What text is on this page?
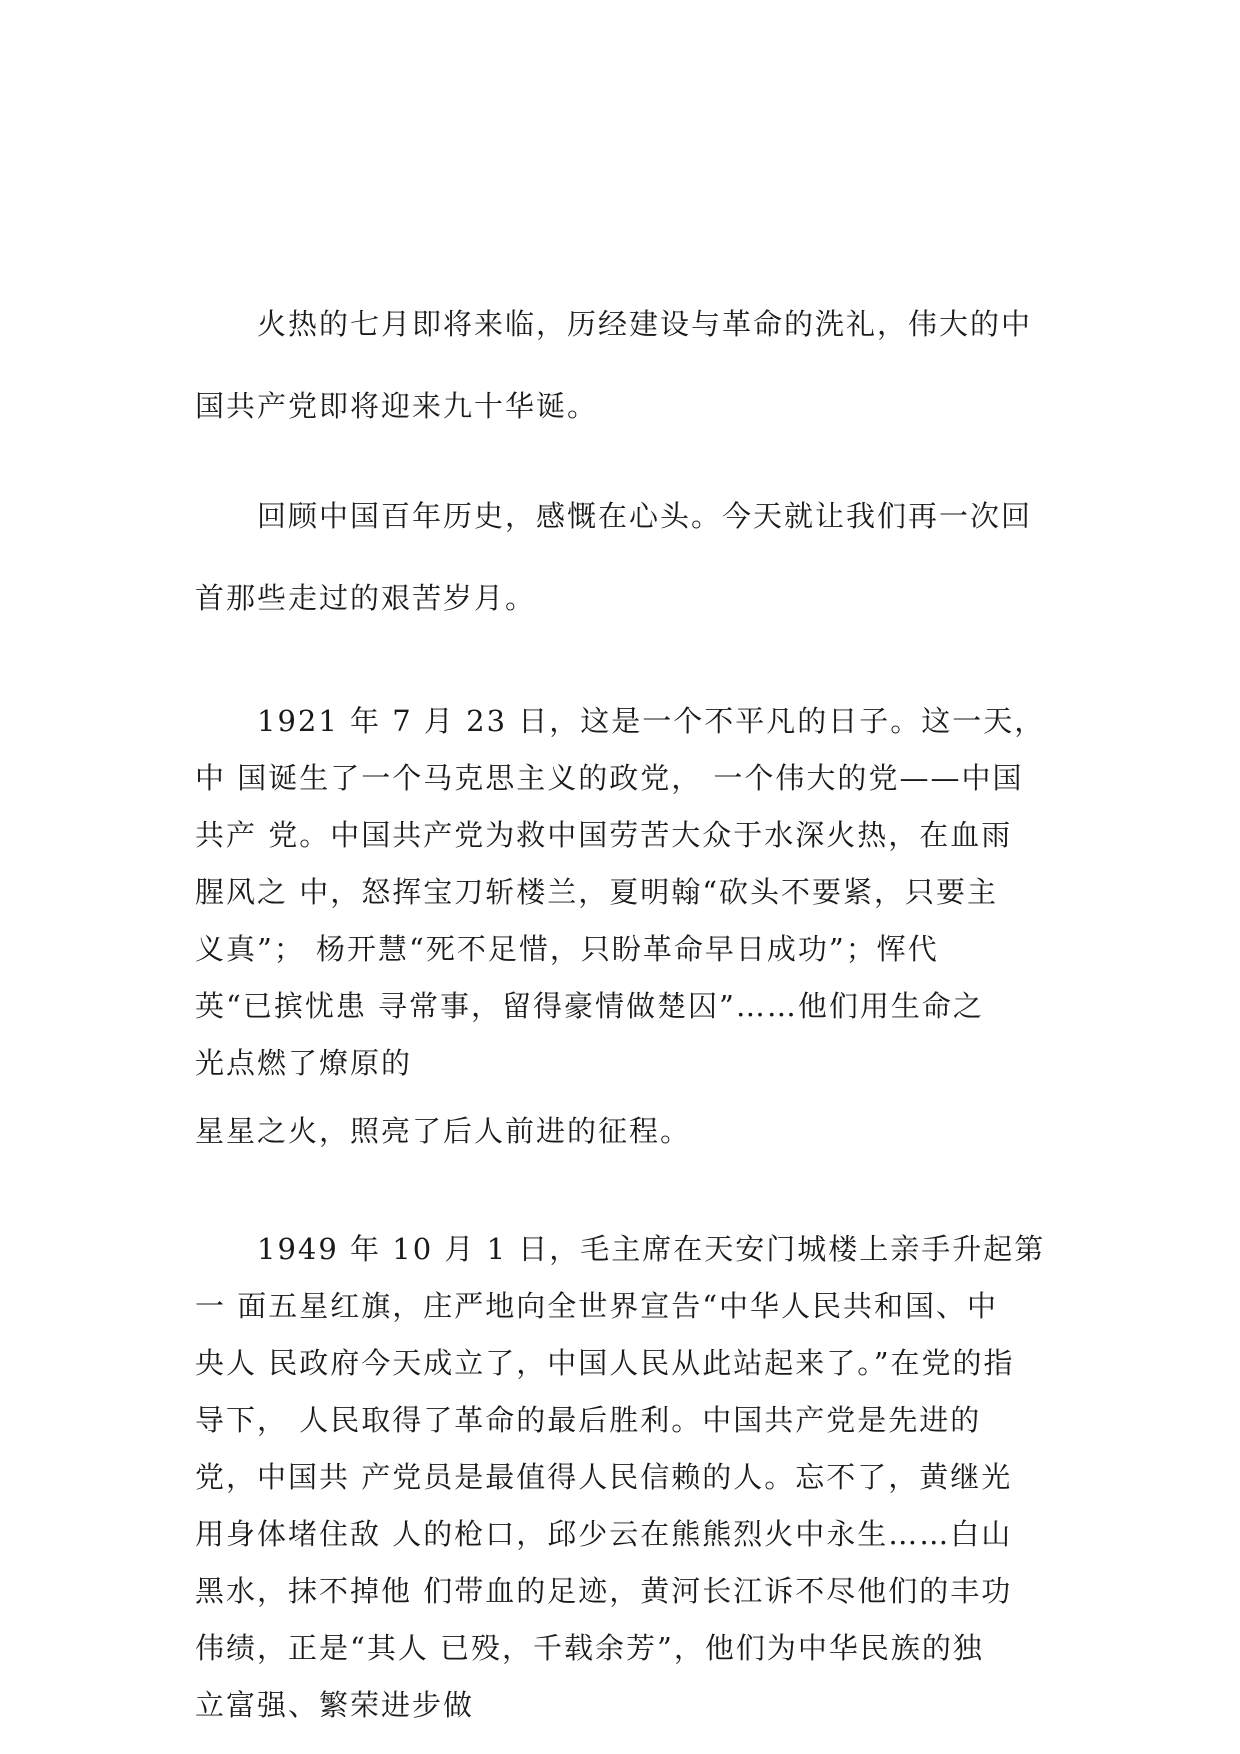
火热的七月即将来临，历经建设与革命的洗礼，伟大的中

国共产党即将迎来九十华诞。

回顾中国百年历史，感慨在心头。今天就让我们再一次回

首那些走过的艰苦岁月。

1921 年 7 月 23 日，这是一个不平凡的日子。这一天，

中 国诞生了一个马克思主义的政党， 一个伟大的党——中国

共产 党。中国共产党为救中国劳苦大众于水深火热，在血雨

腥风之 中，怒挥宝刀斩楼兰，夏明翰“砍头不要紧，只要主

义真”； 杨开慧“死不足惜，只盼革命早日成功”；恽代

英“已摈忧患 寻常事，留得豪情做楚囚”……他们用生命之

光点燃了燎原的

星星之火，照亮了后人前进的征程。

1949 年 10 月 1 日，毛主席在天安门城楼上亲手升起第

一 面五星红旗，庄严地向全世界宣告“中华人民共和国、中

央人 民政府今天成立了，中国人民从此站起来了。”在党的指

导下， 人民取得了革命的最后胜利。中国共产党是先进的

党，中国共 产党员是最值得人民信赖的人。忘不了，黄继光

用身体堵住敌 人的枪口，邱少云在熊熊烈火中永生……白山

黑水，抹不掉他 们带血的足迹，黄河长江诉不尽他们的丰功

伟绩，正是“其人 已殁，千载余芳”，他们为中华民族的独

立富强、繁荣进步做
